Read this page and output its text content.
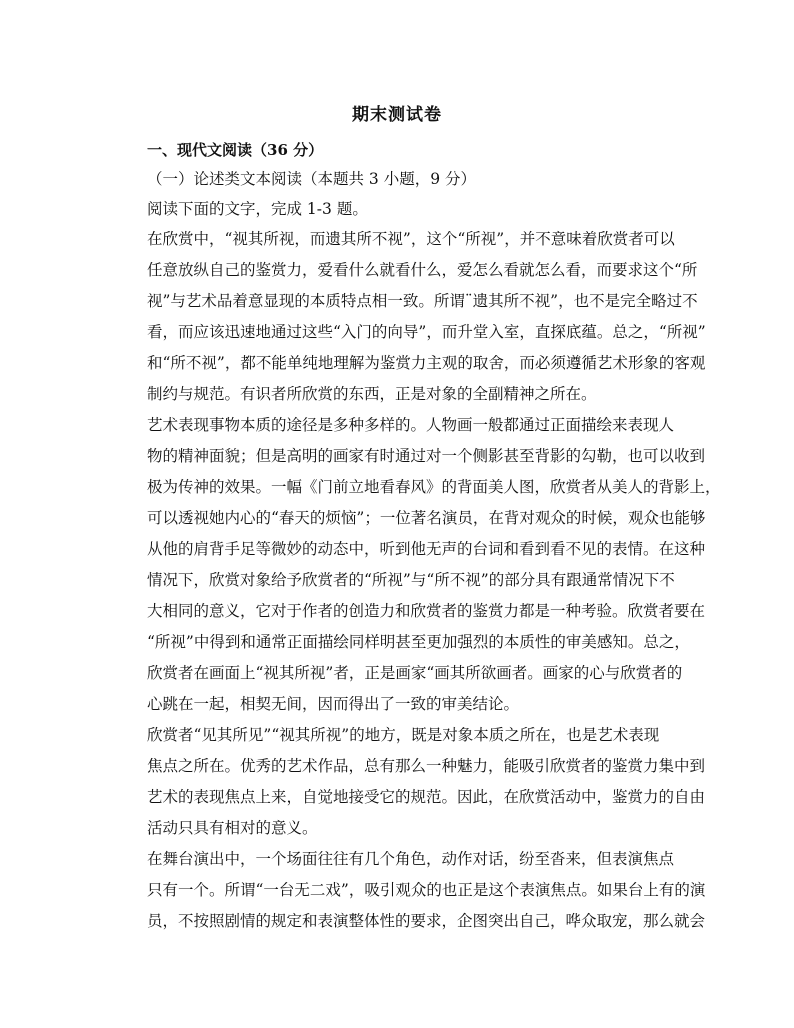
期末测试卷
一、现代文阅读（36 分）
（一）论述类文本阅读（本题共 3 小题，9 分）
阅读下面的文字，完成 1-3 题。
在欣赏中，“视其所视，而遗其所不视”，这个“所视”，并不意味着欣赏者可以
任意放纵自己的鉴赏力，爱看什么就看什么，爱怎么看就怎么看，而要求这个“所
视”与艺术品着意显现的本质特点相一致。所谓¨遗其所不视”，也不是完全略过不
看，而应该迅速地通过这些“入门的向导”，而升堂入室，直探底蕴。总之，“所视”
和“所不视”，都不能单纯地理解为鉴赏力主观的取舍，而必须遵循艺术形象的客观
制约与规范。有识者所欣赏的东西，正是对象的全副精神之所在。
艺术表现事物本质的途径是多种多样的。人物画一般都通过正面描绘来表现人
物的精神面貌；但是高明的画家有时通过对一个侧影甚至背影的勾勒，也可以收到
极为传神的效果。一幅《门前立地看春风》的背面美人图，欣赏者从美人的背影上，
可以透视她内心的“春天的烦恼”；一位著名演员，在背对观众的时候，观众也能够
从他的肩背手足等微妙的动态中，听到他无声的台词和看到看不见的表情。在这种
情况下，欣赏对象给予欣赏者的“所视”与“所不视”的部分具有跟通常情况下不
大相同的意义，它对于作者的创造力和欣赏者的鉴赏力都是一种考验。欣赏者要在
“所视”中得到和通常正面描绘同样明甚至更加强烈的本质性的审美感知。总之，
欣赏者在画面上“视其所视”者，正是画家“画其所欲画者。画家的心与欣赏者的
心跳在一起，相契无间，因而得出了一致的审美结论。
欣赏者“见其所见”“视其所视”的地方，既是对象本质之所在，也是艺术表现
焦点之所在。优秀的艺术作品，总有那么一种魅力，能吸引欣赏者的鉴赏力集中到
艺术的表现焦点上来，自觉地接受它的规范。因此，在欣赏活动中，鉴赏力的自由
活动只具有相对的意义。
在舞台演出中，一个场面往往有几个角色，动作对话，纷至沓来，但表演焦点
只有一个。所谓“一台无二戏”，吸引观众的也正是这个表演焦点。如果台上有的演
员，不按照剧情的规定和表演整体性的要求，企图突出自己，哗众取宠，那么就会
